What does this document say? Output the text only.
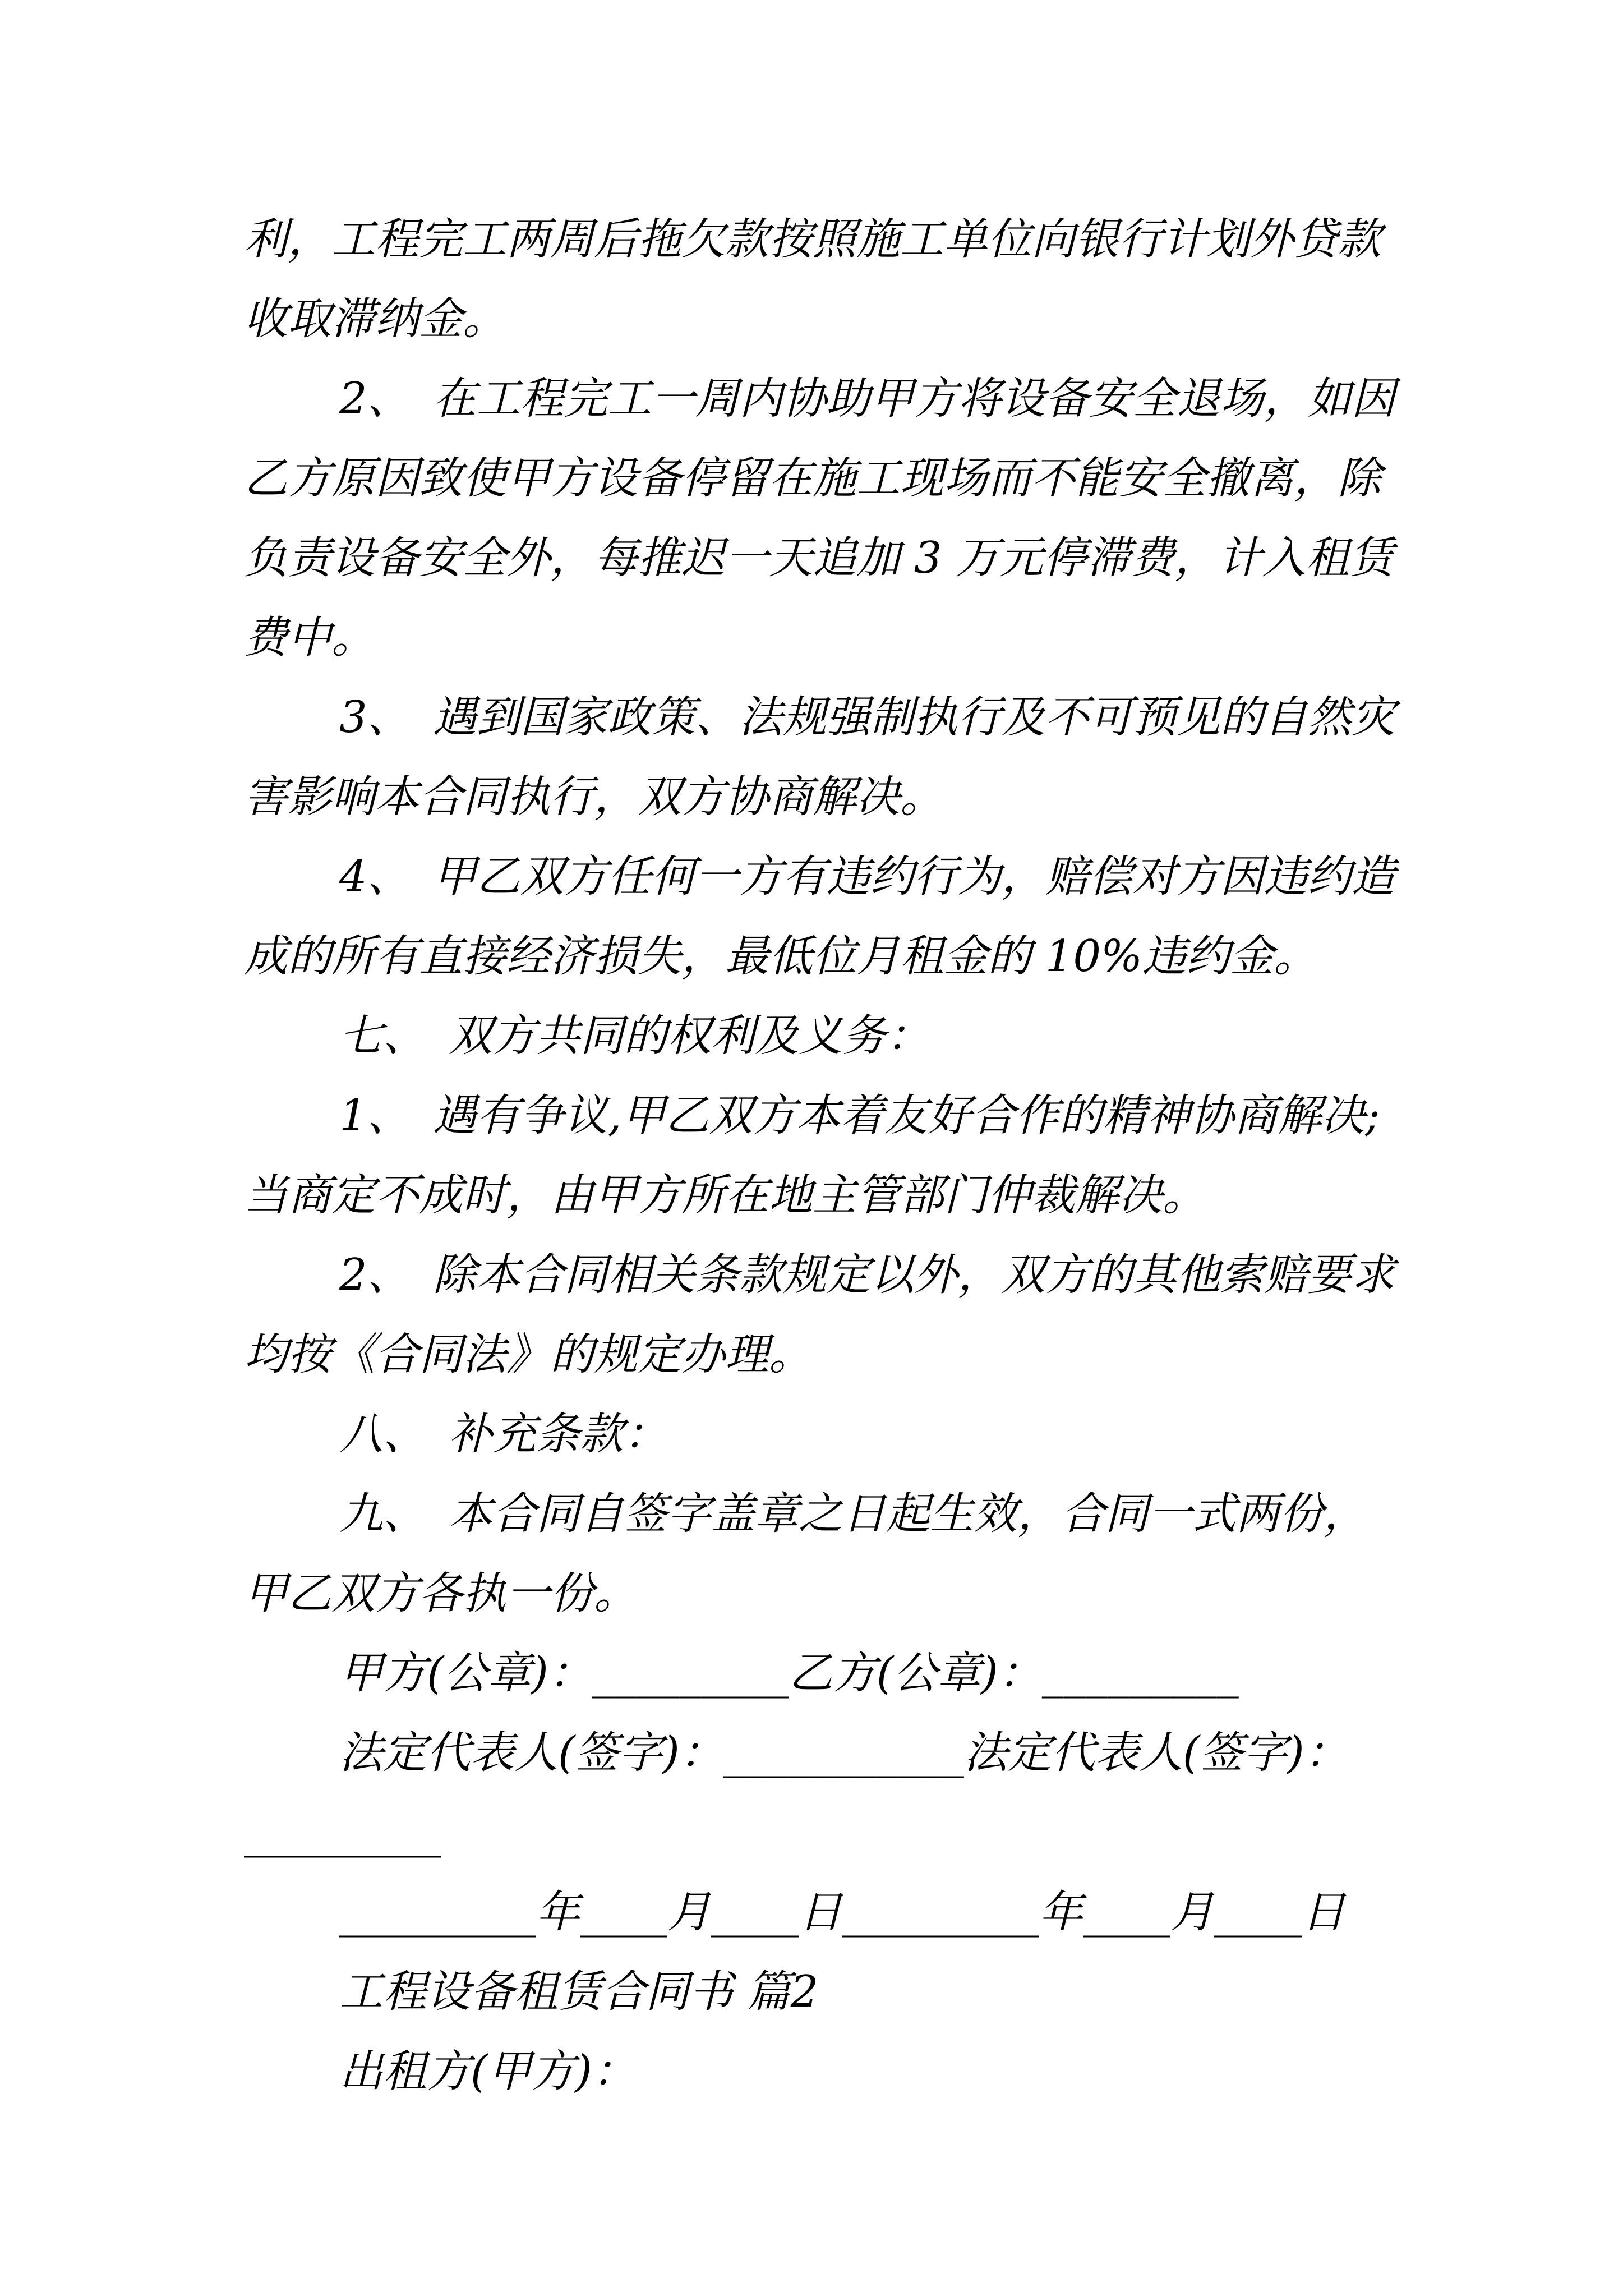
利，工程完工两周后拖欠款按照施工单位向银行计划外贷款
收取滞纳金。
2、　在工程完工一周内协助甲方将设备安全退场，如因
乙方原因致使甲方设备停留在施工现场而不能安全撤离，除
负责设备安全外，每推迟一天追加 3 万元停滞费，计入租赁
费中。
3、　遇到国家政策、法规强制执行及不可预见的自然灾
害影响本合同执行，双方协商解决。
4、　甲乙双方任何一方有违约行为，赔偿对方因违约造
成的所有直接经济损失，最低位月租金的 10%违约金。
七、　双方共同的权利及义务：
1、　遇有争议,甲乙双方本着友好合作的精神协商解决;
当商定不成时，由甲方所在地主管部门仲裁解决。
2、　除本合同相关条款规定以外，双方的其他索赔要求
均按《合同法》的规定办理。
八、　补充条款：
九、　本合同自签字盖章之日起生效，合同一式两份，
甲乙双方各执一份。
甲方(公章)：_________乙方(公章)：_________
法定代表人(签字)：___________法定代表人(签字)：
_________
_________年____月____日_________年____月____日
工程设备租赁合同书 篇2
出租方(甲方)：
